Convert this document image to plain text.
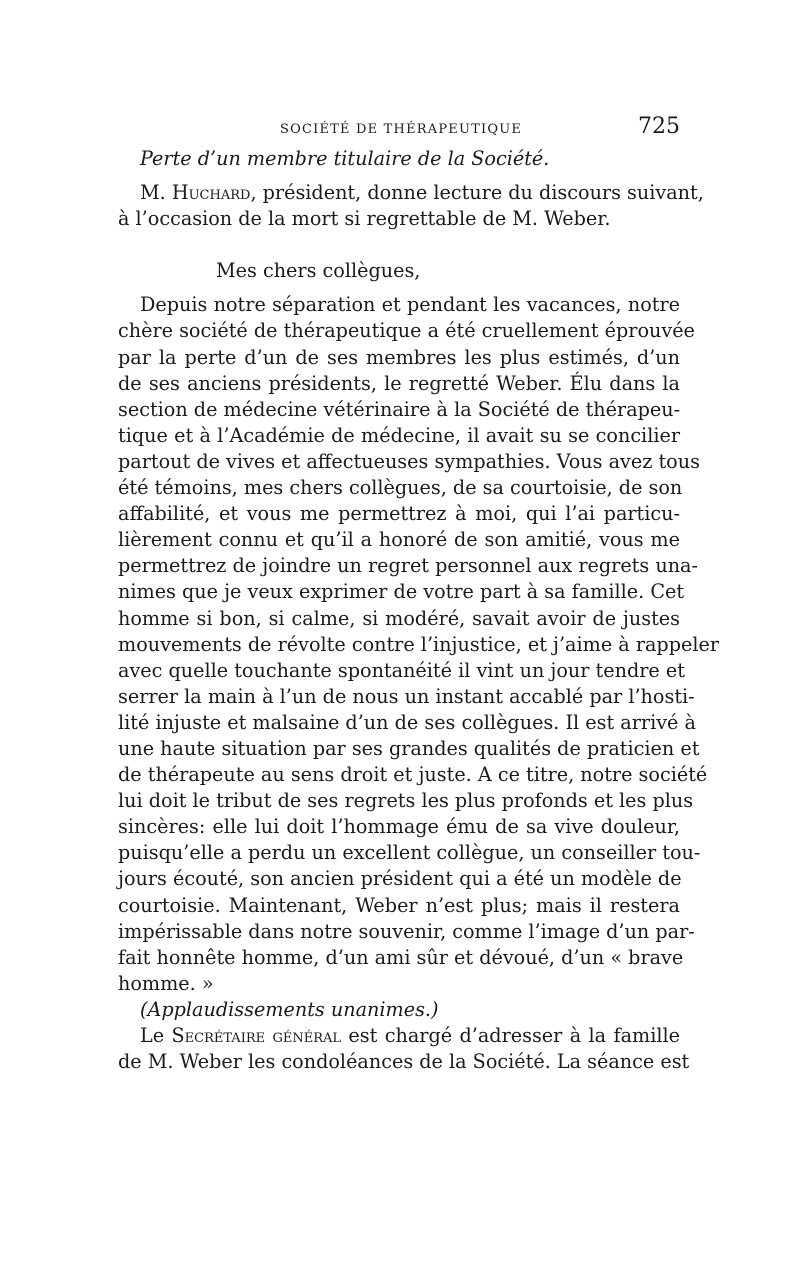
SOCIÉTÉ DE THÉRAPEUTIQUE	725
Perte d’un membre titulaire de la Société.
M. Huchard, président, donne lecture du discours suivant,
à l’occasion de la mort si regrettable de M. Weber.
Mes chers collègues,
Depuis notre séparation et pendant les vacances, notre
chère société de thérapeutique a été cruellement éprouvée
par la perte d’un de ses membres les plus estimés, d’un
de ses anciens présidents, le regretté Weber. Élu dans la
section de médecine vétérinaire à la Société de thérapeu-
tique et à l’Académie de médecine, il avait su se concilier
partout de vives et affectueuses sympathies. Vous avez tous
été témoins, mes chers collègues, de sa courtoisie, de son
affabilité, et vous me permettrez à moi, qui l’ai particu-
lièrement connu et qu’il a honoré de son amitié, vous me
permettrez de joindre un regret personnel aux regrets una-
nimes que je veux exprimer de votre part à sa famille. Cet
homme si bon, si calme, si modéré, savait avoir de justes
mouvements de révolte contre l’injustice, et j’aime à rappeler
avec quelle touchante spontanéité il vint un jour tendre et
serrer la main à l’un de nous un instant accablé par l’hosti-
lité injuste et malsaine d’un de ses collègues. Il est arrivé à
une haute situation par ses grandes qualités de praticien et
de thérapeute au sens droit et juste. A ce titre, notre société
lui doit le tribut de ses regrets les plus profonds et les plus
sincères: elle lui doit l’hommage ému de sa vive douleur,
puisqu’elle a perdu un excellent collègue, un conseiller tou-
jours écouté, son ancien président qui a été un modèle de
courtoisie. Maintenant, Weber n’est plus; mais il restera
impérissable dans notre souvenir, comme l’image d’un par-
fait honnête homme, d’un ami sûr et dévoué, d’un « brave
homme. »
(Applaudissements unanimes.)
Le Secrétaire général est chargé d’adresser à la famille
de M. Weber les condoléances de la Société. La séance est
